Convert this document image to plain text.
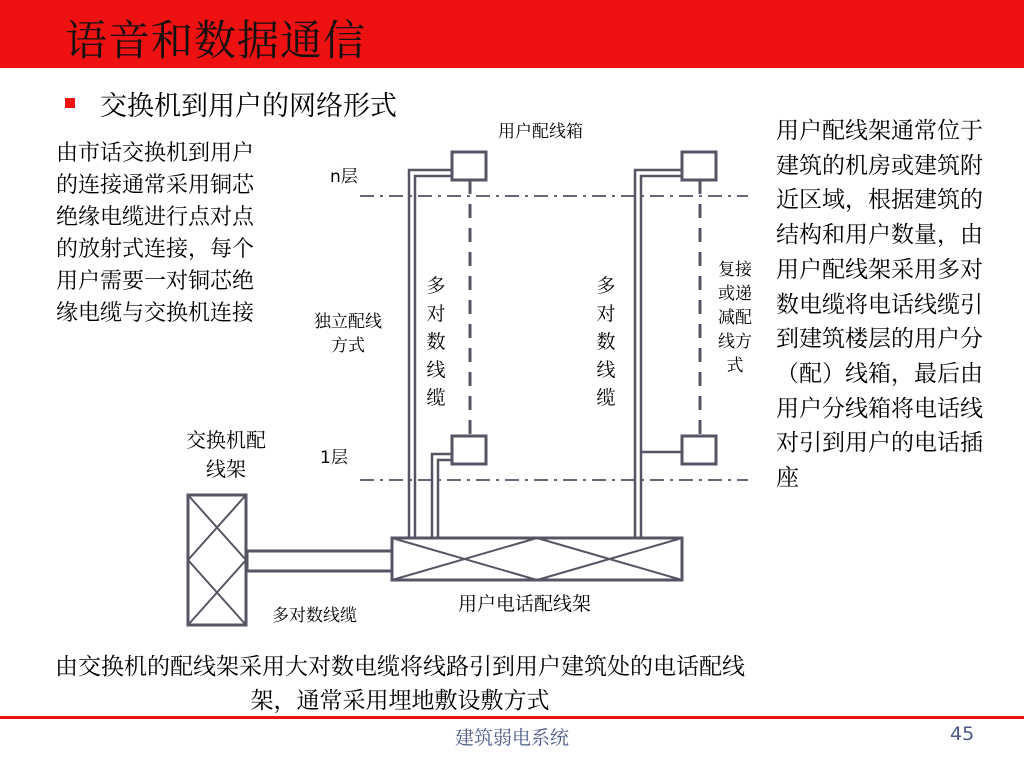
语音和数据通信
交换机到用户的网络形式
由市话交换机到用户的连接通常采用铜芯绝缘电缆进行点对点的放射式连接，每个用户需要一对铜芯绝缘电缆与交换机连接
用户配线架通常位于建筑的机房或建筑附近区域，根据建筑的结构和用户数量，由用户配线架采用多对数电缆将电话线缆引到建筑楼层的用户分（配）线箱，最后由用户分线箱将电话线对引到用户的电话插座
用户配线箱
n层
1层
独立配线方式
多对数线缆
多对数线缆
复接或递减配线方式
交换机配线架
多对数线缆
用户电话配线架
由交换机的配线架采用大对数电缆将线路引到用户建筑处的电话配线架，通常采用埋地敷设敷方式
建筑弱电系统	45
